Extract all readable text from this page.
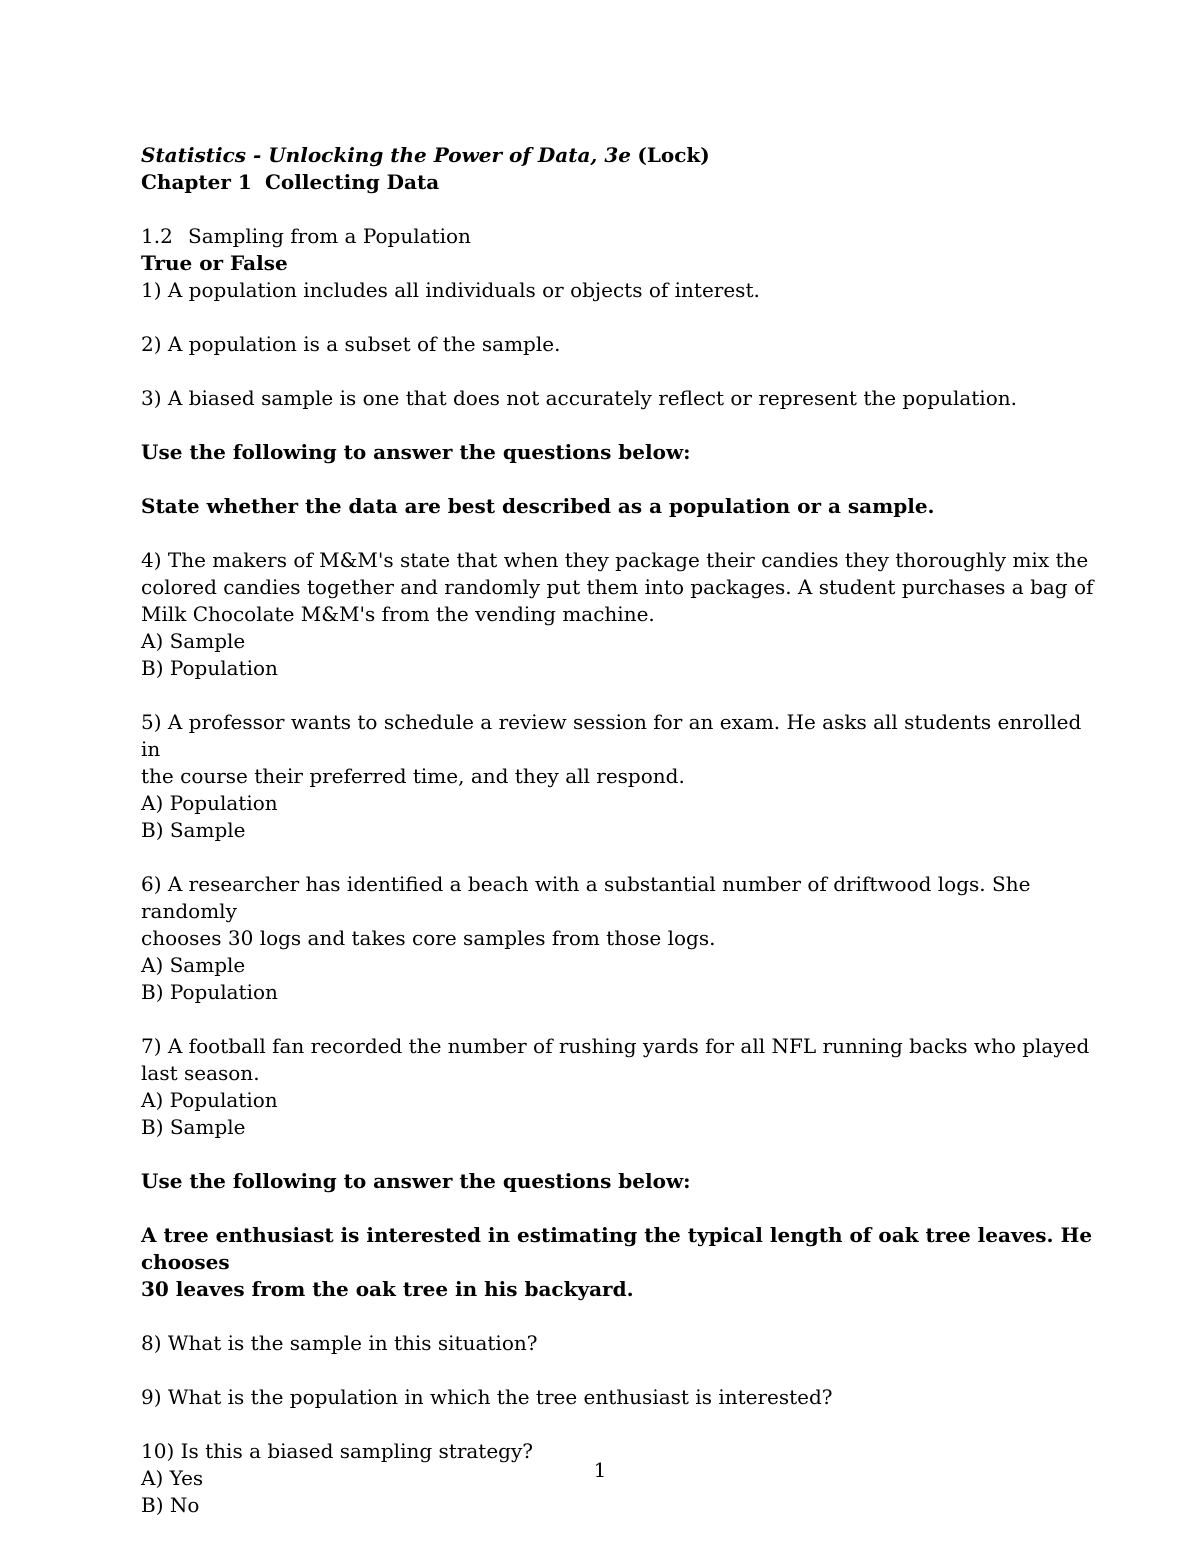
Statistics - Unlocking the Power of Data, 3e (Lock)

Chapter 1 Collecting Data

1.2 Sampling from a Population

True or False

1) A population includes all individuals or objects of interest.

2) A population is a subset of the sample.

3) A biased sample is one that does not accurately reflect or represent the population.

Use the following to answer the questions below:

State whether the data are best described as a population or a sample.

4) The makers of M&M's state that when they package their candies they thoroughly mix the

colored candies together and randomly put them into packages. A student purchases a bag of

Milk Chocolate M&M's from the vending machine.

A) Sample

B) Population

5) A professor wants to schedule a review session for an exam. He asks all students enrolled in

the course their preferred time, and they all respond.

A) Population

B) Sample

6) A researcher has identified a beach with a substantial number of driftwood logs. She randomly

chooses 30 logs and takes core samples from those logs.

A) Sample

B) Population

7) A football fan recorded the number of rushing yards for all NFL running backs who played

last season.

A) Population

B) Sample

Use the following to answer the questions below:

A tree enthusiast is interested in estimating the typical length of oak tree leaves. He chooses

30 leaves from the oak tree in his backyard.

8) What is the sample in this situation?

9) What is the population in which the tree enthusiast is interested?

10) Is this a biased sampling strategy?

A) Yes

B) No

1
